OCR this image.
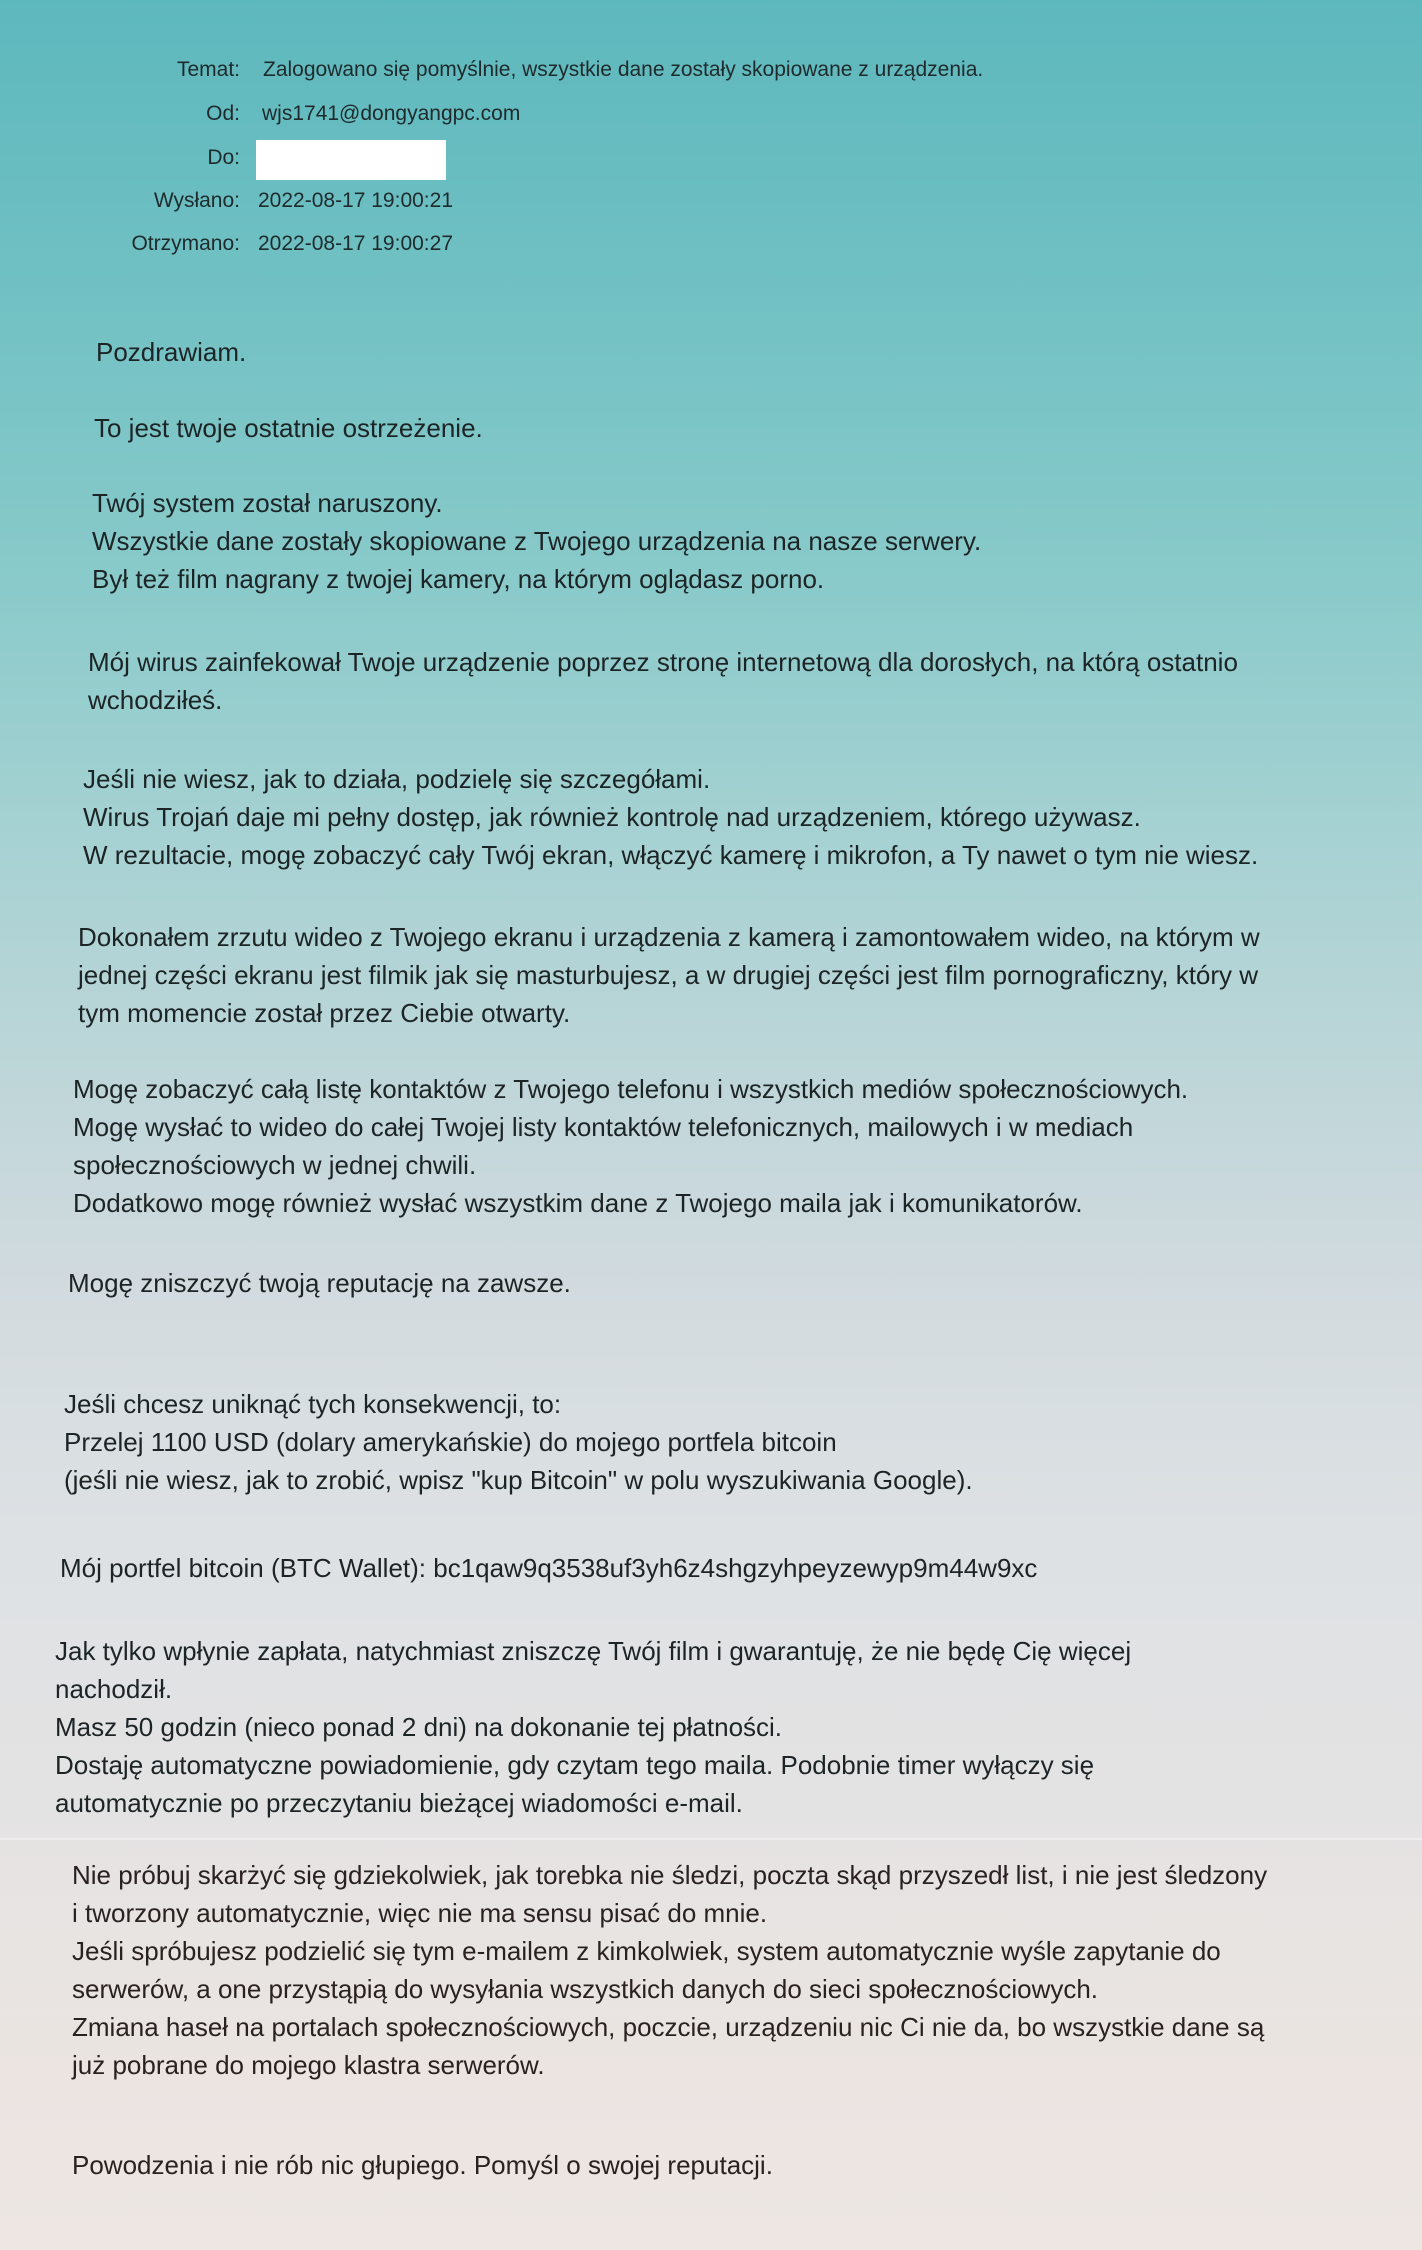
Temat: Zalogowano się pomyślnie, wszystkie dane zostały skopiowane z urządzenia.
Od: wjs1741@dongyangpc.com
Do:
Wysłano: 2022-08-17 19:00:21
Otrzymano: 2022-08-17 19:00:27

Pozdrawiam.

To jest twoje ostatnie ostrzeżenie.

Twój system został naruszony.
Wszystkie dane zostały skopiowane z Twojego urządzenia na nasze serwery.
Był też film nagrany z twojej kamery, na którym oglądasz porno.

Mój wirus zainfekował Twoje urządzenie poprzez stronę internetową dla dorosłych, na którą ostatnio
wchodziłeś.

Jeśli nie wiesz, jak to działa, podzielę się szczegółami.
Wirus Trojań daje mi pełny dostęp, jak również kontrolę nad urządzeniem, którego używasz.
W rezultacie, mogę zobaczyć cały Twój ekran, włączyć kamerę i mikrofon, a Ty nawet o tym nie wiesz.

Dokonałem zrzutu wideo z Twojego ekranu i urządzenia z kamerą i zamontowałem wideo, na którym w
jednej części ekranu jest filmik jak się masturbujesz, a w drugiej części jest film pornograficzny, który w
tym momencie został przez Ciebie otwarty.

Mogę zobaczyć całą listę kontaktów z Twojego telefonu i wszystkich mediów społecznościowych.
Mogę wysłać to wideo do całej Twojej listy kontaktów telefonicznych, mailowych i w mediach
społecznościowych w jednej chwili.
Dodatkowo mogę również wysłać wszystkim dane z Twojego maila jak i komunikatorów.

Mogę zniszczyć twoją reputację na zawsze.

Jeśli chcesz uniknąć tych konsekwencji, to:
Przelej 1100 USD (dolary amerykańskie) do mojego portfela bitcoin
(jeśli nie wiesz, jak to zrobić, wpisz "kup Bitcoin" w polu wyszukiwania Google).

Mój portfel bitcoin (BTC Wallet): bc1qaw9q3538uf3yh6z4shgzyhpeyzewyp9m44w9xc

Jak tylko wpłynie zapłata, natychmiast zniszczę Twój film i gwarantuję, że nie będę Cię więcej
nachodził.
Masz 50 godzin (nieco ponad 2 dni) na dokonanie tej płatności.
Dostaję automatyczne powiadomienie, gdy czytam tego maila. Podobnie timer wyłączy się
automatycznie po przeczytaniu bieżącej wiadomości e-mail.

Nie próbuj skarżyć się gdziekolwiek, jak torebka nie śledzi, poczta skąd przyszedł list, i nie jest śledzony
i tworzony automatycznie, więc nie ma sensu pisać do mnie.
Jeśli spróbujesz podzielić się tym e-mailem z kimkolwiek, system automatycznie wyśle zapytanie do
serwerów, a one przystąpią do wysyłania wszystkich danych do sieci społecznościowych.
Zmiana haseł na portalach społecznościowych, poczcie, urządzeniu nic Ci nie da, bo wszystkie dane są
już pobrane do mojego klastra serwerów.

Powodzenia i nie rób nic głupiego. Pomyśl o swojej reputacji.
